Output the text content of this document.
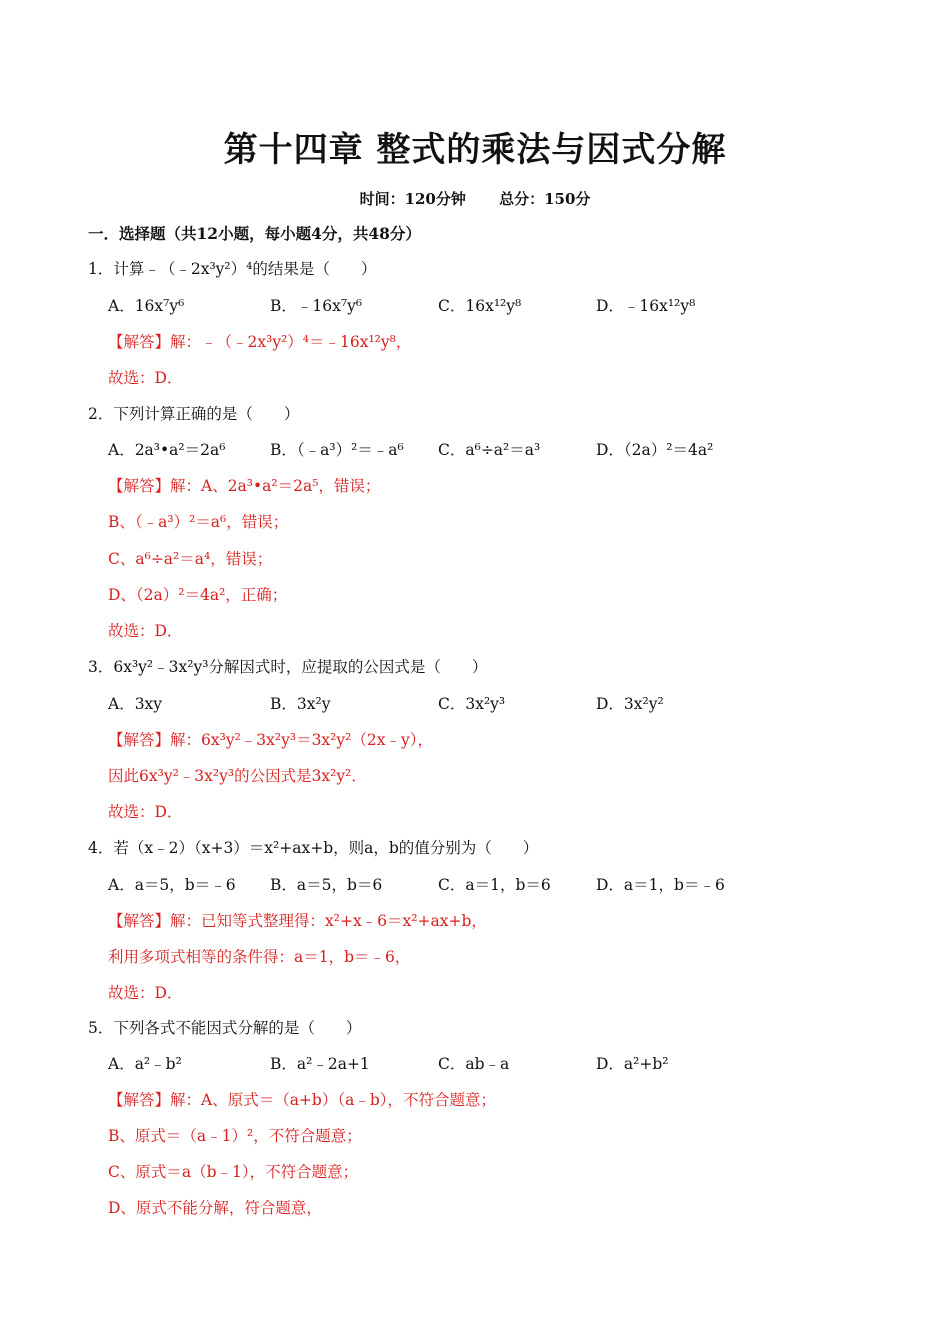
第十四章 整式的乘法与因式分解
时间：120分钟 总分：150分
一．选择题（共12小题，每小题4分，共48分）
1．计算﹣（﹣2x³y²）⁴的结果是（　　）
A．16x⁷y⁶	B．﹣16x⁷y⁶	C．16x¹²y⁸	D．﹣16x¹²y⁸
【解答】解：﹣（﹣2x³y²）⁴＝﹣16x¹²y⁸，
故选：D．
2．下列计算正确的是（　　）
A．2a³•a²＝2a⁶	B．（﹣a³）²＝﹣a⁶ C．a⁶÷a²＝a³	D．（2a）²＝4a²
【解答】解：A、2a³•a²＝2a⁵，错误；
B、（﹣a³）²＝a⁶，错误；
C、a⁶÷a²＝a⁴，错误；
D、（2a）²＝4a²，正确；
故选：D．
3．6x³y²﹣3x²y³分解因式时，应提取的公因式是（　　）
A．3xy	B．3x²y	C．3x²y³	D．3x²y²
【解答】解：6x³y²﹣3x²y³＝3x²y²（2x﹣y），
因此6x³y²﹣3x²y³的公因式是3x²y²．
故选：D．
4．若（x﹣2）（x+3）＝x²+ax+b，则a，b的值分别为（　　）
A．a＝5，b＝﹣6 B．a＝5，b＝6	C．a＝1，b＝6	D．a＝1，b＝﹣6
【解答】解：已知等式整理得：x²+x﹣6＝x²+ax+b，
利用多项式相等的条件得：a＝1，b＝﹣6，
故选：D．
5．下列各式不能因式分解的是（　　）
A．a²﹣b²	B．a²﹣2a+1	C．ab﹣a	D．a²+b²
【解答】解：A、原式＝（a+b）（a﹣b），不符合题意；
B、原式＝（a﹣1）²，不符合题意；
C、原式＝a（b﹣1），不符合题意；
D、原式不能分解，符合题意，
